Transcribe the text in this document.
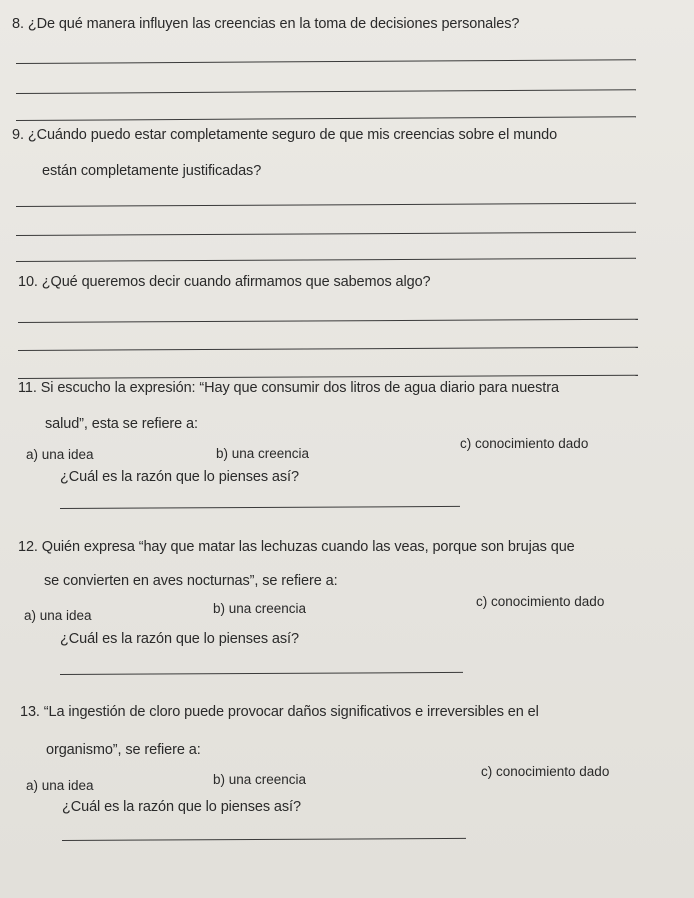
8. ¿De qué manera influyen las creencias en la toma de decisiones personales?
9. ¿Cuándo puedo estar completamente seguro de que mis creencias sobre el mundo
están completamente justificadas?
10. ¿Qué queremos decir cuando afirmamos que sabemos algo?
11. Si escucho la expresión: “Hay que consumir dos litros de agua diario para nuestra
salud”, esta se refiere a:
a) una idea	b) una creencia
c) conocimiento dado
¿Cuál es la razón que lo pienses así?
12. Quién expresa “hay que matar las lechuzas cuando las veas, porque son brujas que
se convierten en aves nocturnas”, se refiere a:
a) una idea	b) una creencia	c) conocimiento dado
¿Cuál es la razón que lo pienses así?
13. “La ingestión de cloro puede provocar daños significativos e irreversibles en el
organismo”, se refiere a:
a) una idea	b) una creencia
c) conocimiento dado
¿Cuál es la razón que lo pienses así?
